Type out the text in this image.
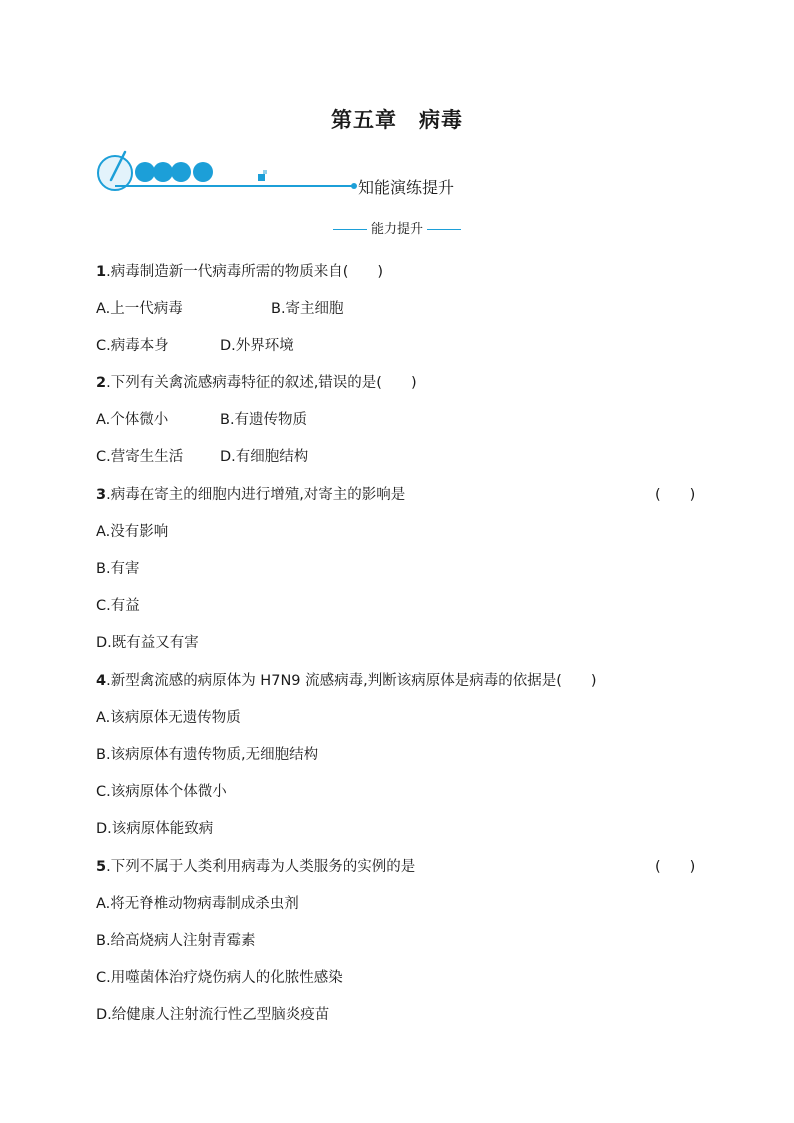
第五章　病毒
知能演练提升
能力提升
1.病毒制造新一代病毒所需的物质来自(　　)
A.上一代病毒	B.寄主细胞
C.病毒本身	D.外界环境
2.下列有关禽流感病毒特征的叙述,错误的是(　　)
A.个体微小	B.有遗传物质
C.营寄生生活	D.有细胞结构
3.病毒在寄主的细胞内进行增殖,对寄主的影响是	(　　)
A.没有影响
B.有害
C.有益
D.既有益又有害
4.新型禽流感的病原体为 H7N9 流感病毒,判断该病原体是病毒的依据是(　　)
A.该病原体无遗传物质
B.该病原体有遗传物质,无细胞结构
C.该病原体个体微小
D.该病原体能致病
5.下列不属于人类利用病毒为人类服务的实例的是	(　　)
A.将无脊椎动物病毒制成杀虫剂
B.给高烧病人注射青霉素
C.用噬菌体治疗烧伤病人的化脓性感染
D.给健康人注射流行性乙型脑炎疫苗
